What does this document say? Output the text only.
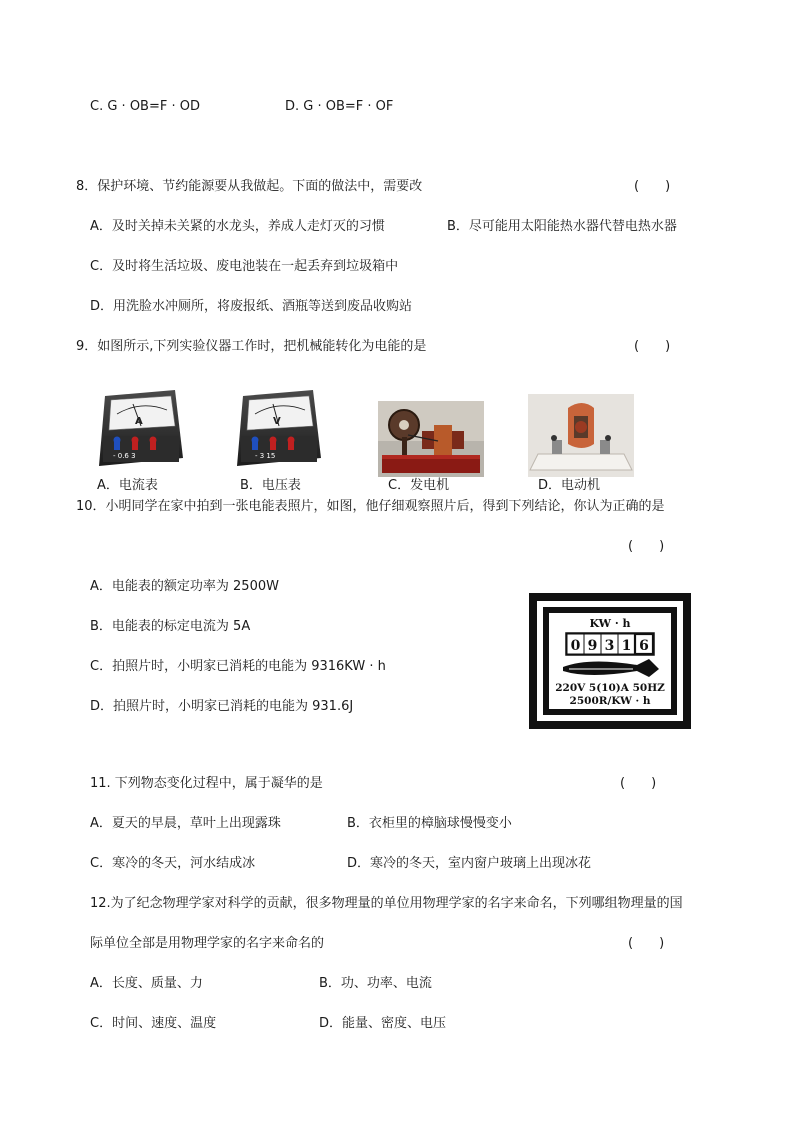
C. G · OB=F · OD	D. G · OB=F · OF
8．保护环境、节约能源要从我做起。下面的做法中，需要改	(　　)
A．及时关掉未关紧的水龙头，养成人走灯灭的习惯	B．尽可能用太阳能热水器代替电热水器
C．及时将生活垃圾、废电池装在一起丢弃到垃圾箱中
D．用洗脸水冲厕所，将废报纸、酒瓶等送到废品收购站
9．如图所示,下列实验仪器工作时，把机械能转化为电能的是	(　　)
A
- 0.6 3
A．电流表
V
- 3 15
B．电压表	C．发电机	D．电动机
10．小明同学在家中拍到一张电能表照片，如图，他仔细观察照片后，得到下列结论，你认为正确的是
(　　)
A．电能表的额定功率为 2500W
B．电能表的标定电流为 5A
C．拍照片时，小明家已消耗的电能为 9316KW · h
D．拍照片时，小明家已消耗的电能为 931.6J
KW · h
0 9 3 1 6
220V 5(10)A 50HZ
2500R/KW · h
11. 下列物态变化过程中，属于凝华的是	(　　)
A．夏天的早晨，草叶上出现露珠	B．衣柜里的樟脑球慢慢变小
C．寒冷的冬天，河水结成冰	D．寒冷的冬天，室内窗户玻璃上出现冰花
12.为了纪念物理学家对科学的贡献，很多物理量的单位用物理学家的名字来命名，下列哪组物理量的国
际单位全部是用物理学家的名字来命名的	(　　)
A．长度、质量、力	B．功、功率、电流
C．时间、速度、温度	D．能量、密度、电压
